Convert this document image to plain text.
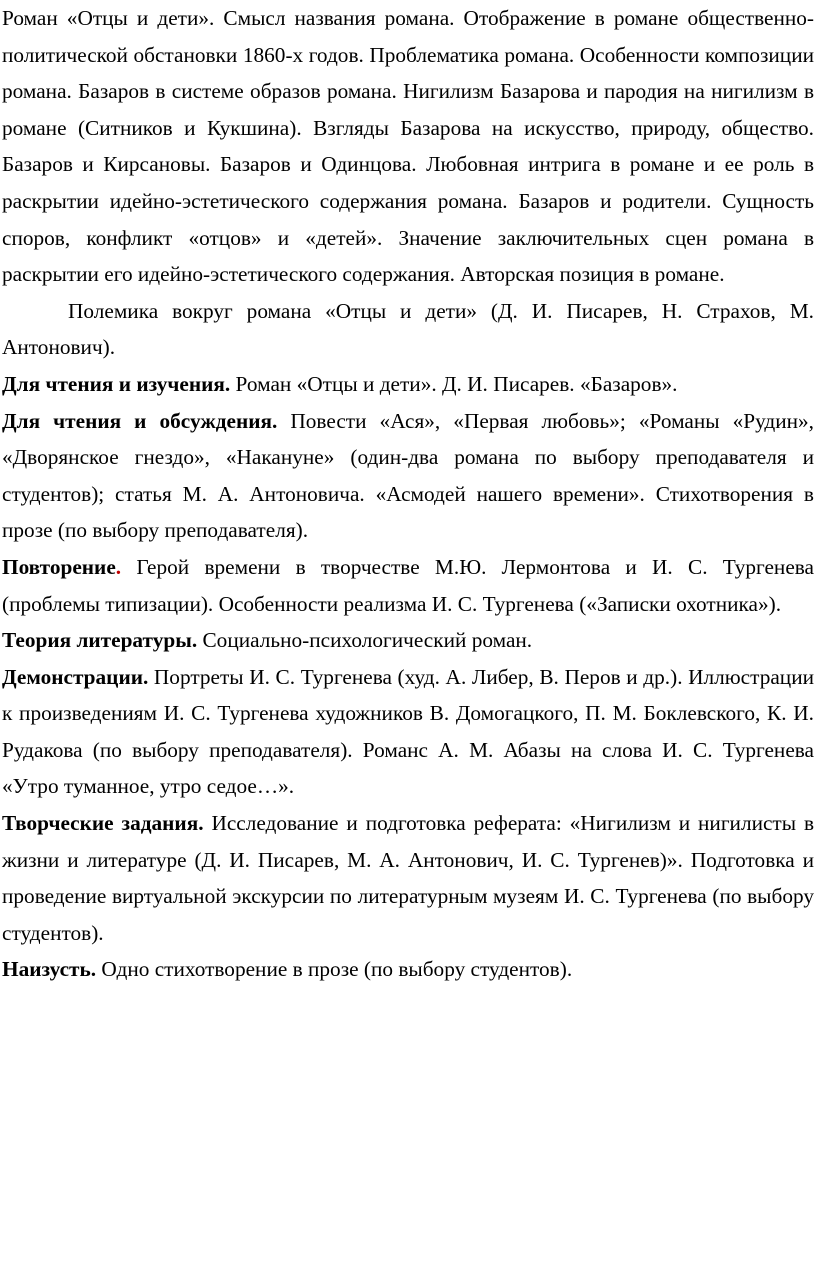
Роман «Отцы и дети». Смысл названия романа. Отображение в романе общественно-политической обстановки 1860-х годов. Проблематика романа. Особенности композиции романа. Базаров в системе образов романа. Нигилизм Базарова и пародия на нигилизм в романе (Ситников и Кукшина). Взгляды Базарова на искусство, природу, общество. Базаров и Кирсановы. Базаров и Одинцова. Любовная интрига в романе и ее роль в раскрытии идейно-эстетического содержания романа. Базаров и родители. Сущность споров, конфликт «отцов» и «детей». Значение заключительных сцен романа в раскрытии его идейно-эстетического содержания. Авторская позиция в романе.

Полемика вокруг романа «Отцы и дети» (Д. И. Писарев, Н. Страхов, М. Антонович).

Для чтения и изучения. Роман «Отцы и дети». Д. И. Писарев. «Базаров».

Для чтения и обсуждения. Повести «Ася», «Первая любовь»; «Романы «Рудин», «Дворянское гнездо», «Накануне» (один-два романа по выбору преподавателя и студентов); статья М. А. Антоновича. «Асмодей нашего времени». Стихотворения в прозе (по выбору преподавателя).

Повторение. Герой времени в творчестве М.Ю. Лермонтова и И. С. Тургенева (проблемы типизации). Особенности реализма И. С. Тургенева («Записки охотника»).

Теория литературы. Социально-психологический роман.

Демонстрации. Портреты И. С. Тургенева (худ. А. Либер, В. Перов и др.). Иллюстрации к произведениям И. С. Тургенева художников В. Домогацкого, П. М. Боклевского, К. И. Рудакова (по выбору преподавателя). Романс А. М. Абазы на слова И. С. Тургенева «Утро туманное, утро седое…».

Творческие задания. Исследование и подготовка реферата: «Нигилизм и нигилисты в жизни и литературе (Д. И. Писарев, М. А. Антонович, И. С. Тургенев)». Подготовка и проведение виртуальной экскурсии по литературным музеям И. С. Тургенева (по выбору студентов).

Наизусть. Одно стихотворение в прозе (по выбору студентов).
